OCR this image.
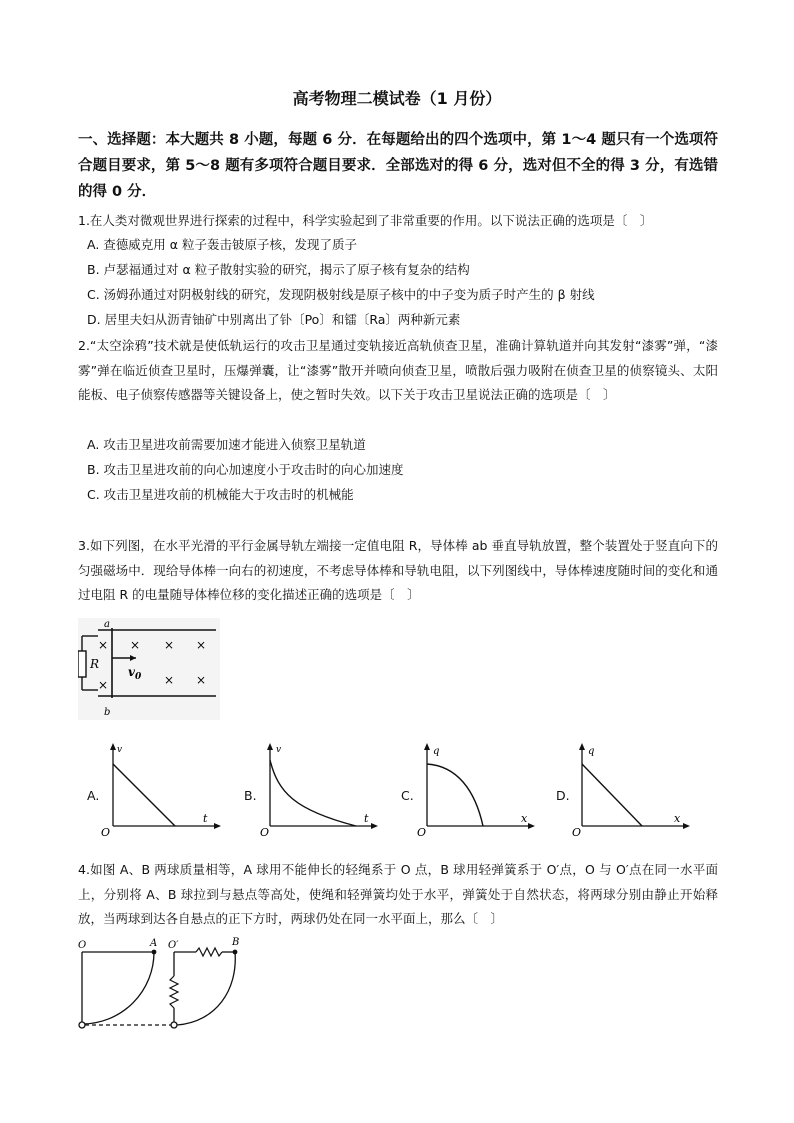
高考物理二模试卷（1 月份）
一、选择题：本大题共 8 小题，每题 6 分．在每题给出的四个选项中，第 1～4 题只有一个选项符合题目要求，第 5～8 题有多项符合题目要求．全部选对的得 6 分，选对但不全的得 3 分，有选错的得 0 分．
1.在人类对微观世界进行探索的过程中，科学实验起到了非常重要的作用。以下说法正确的选项是〔　〕
A. 查德威克用 α 粒子轰击铍原子核，发现了质子
B. 卢瑟福通过对 α 粒子散射实验的研究，揭示了原子核有复杂的结构
C. 汤姆孙通过对阴极射线的研究，发现阴极射线是原子核中的中子变为质子时产生的 β 射线
D. 居里夫妇从沥青铀矿中别离出了钋〔Po〕和镭〔Ra〕两种新元素
2.“太空涂鸦”技术就是使低轨运行的攻击卫星通过变轨接近高轨侦查卫星，准确计算轨道并向其发射“漆雾”弹，“漆雾”弹在临近侦查卫星时，压爆弹囊，让“漆雾”散开并喷向侦查卫星，喷散后强力吸附在侦查卫星的侦察镜头、太阳能板、电子侦察传感器等关键设备上，使之暂时失效。以下关于攻击卫星说法正确的选项是〔　〕
A. 攻击卫星进攻前需要加速才能进入侦察卫星轨道
B. 攻击卫星进攻前的向心加速度小于攻击时的向心加速度
C. 攻击卫星进攻前的机械能大于攻击时的机械能
3.如下列图，在水平光滑的平行金属导轨左端接一定值电阻 R，导体棒 ab 垂直导轨放置，整个装置处于竖直向下的匀强磁场中．现给导体棒一向右的初速度，不考虑导体棒和导轨电阻，以下列图线中，导体棒速度随时间的变化和通过电阻 R 的电量随导体棒位移的变化描述正确的选项是〔　〕
R
a
b
$v_0$
×
×
× × ×
× ×
A.
v
t
O
B.
v
t
O
C.
q
x
O
D.
q
x
O
4.如图 A、B 两球质量相等，A 球用不能伸长的轻绳系于 O 点，B 球用轻弹簧系于 O′点，O 与 O′点在同一水平面上，分别将 A、B 球拉到与悬点等高处，使绳和轻弹簧均处于水平，弹簧处于自然状态，将两球分别由静止开始释放，当两球到达各自悬点的正下方时，两球仍处在同一水平面上，那么〔　〕
O	A O′	B
